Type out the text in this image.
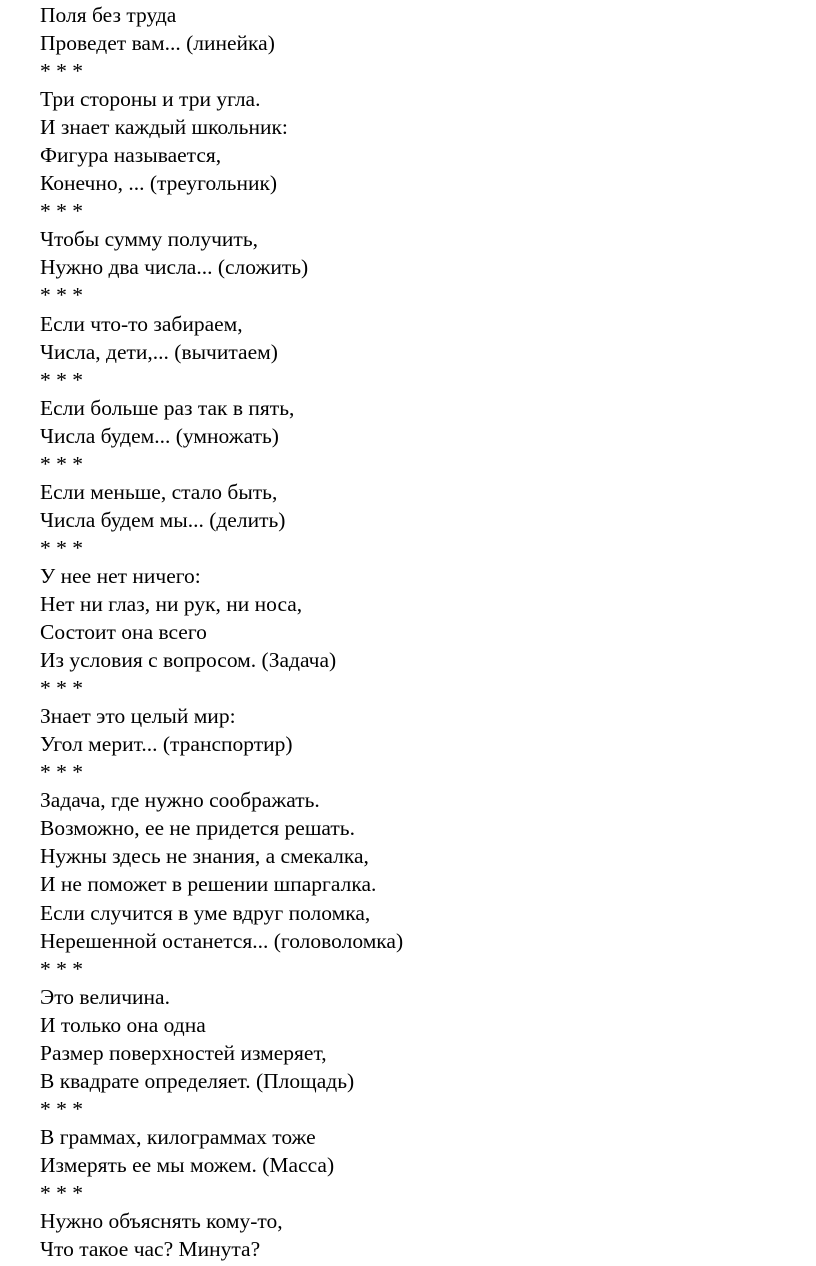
Поля без труда
Проведет вам... (линейка)
* * *
Три стороны и три угла.
И знает каждый школьник:
Фигура называется,
Конечно, ... (треугольник)
* * *
Чтобы сумму получить,
Нужно два числа... (сложить)
* * *
Если что-то забираем,
Числа, дети,... (вычитаем)
* * *
Если больше раз так в пять,
Числа будем... (умножать)
* * *
Если меньше, стало быть,
Числа будем мы... (делить)
* * *
У нее нет ничего:
Нет ни глаз, ни рук, ни носа,
Состоит она всего
Из условия с вопросом. (Задача)
* * *
Знает это целый мир:
Угол мерит... (транспортир)
* * *
Задача, где нужно соображать.
Возможно, ее не придется решать.
Нужны здесь не знания, а смекалка,
И не поможет в решении шпаргалка.
Если случится в уме вдруг поломка,
Нерешенной останется... (головоломка)
* * *
Это величина.
И только она одна
Размер поверхностей измеряет,
В квадрате определяет. (Площадь)
* * *
В граммах, килограммах тоже
Измерять ее мы можем. (Масса)
* * *
Нужно объяснять кому-то,
Что такое час? Минута?
